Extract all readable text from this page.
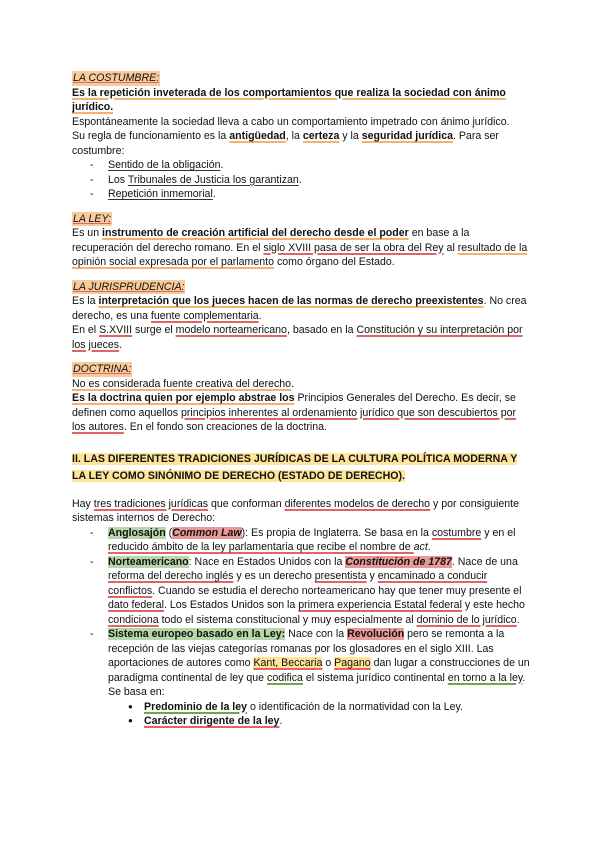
LA COSTUMBRE:
Es la repetición inveterada de los comportamientos que realiza la sociedad con ánimo jurídico.
Espontáneamente la sociedad lleva a cabo un comportamiento impetrado con ánimo jurídico.
Su regla de funcionamiento es la antigüedad, la certeza y la seguridad jurídica. Para ser costumbre:
- Sentido de la obligación.
- Los Tribunales de Justicia los garantizan.
- Repetición inmemorial.
LA LEY:
Es un instrumento de creación artificial del derecho desde el poder en base a la recuperación del derecho romano. En el siglo XVIII pasa de ser la obra del Rey al resultado de la opinión social expresada por el parlamento como órgano del Estado.
LA JURISPRUDENCIA:
Es la interpretación que los jueces hacen de las normas de derecho preexistentes. No crea derecho, es una fuente complementaria.
En el S.XVIII surge el modelo norteamericano, basado en la Constitución y su interpretación por los jueces.
DOCTRINA:
No es considerada fuente creativa del derecho.
Es la doctrina quien por ejemplo abstrae los Principios Generales del Derecho. Es decir, se definen como aquellos principios inherentes al ordenamiento jurídico que son descubiertos por los autores. En el fondo son creaciones de la doctrina.
II. LAS DIFERENTES TRADICIONES JURÍDICAS DE LA CULTURA POLÍTICA MODERNA Y LA LEY COMO SINÓNIMO DE DERECHO (ESTADO DE DERECHO).
Hay tres tradiciones jurídicas que conforman diferentes modelos de derecho y por consiguiente sistemas internos de Derecho:
- Anglosajón (Common Law): Es propia de Inglaterra. Se basa en la costumbre y en el reducido ámbito de la ley parlamentaria que recibe el nombre de act.
- Norteamericano: Nace en Estados Unidos con la Constitución de 1787. Nace de una reforma del derecho inglés y es un derecho presentista y encaminado a conducir conflictos. Cuando se estudia el derecho norteamericano hay que tener muy presente el dato federal. Los Estados Unidos son la primera experiencia Estatal federal y este hecho condiciona todo el sistema constitucional y muy especialmente al dominio de lo jurídico.
- Sistema europeo basado en la Ley: Nace con la Revolución pero se remonta a la recepción de las viejas categorías romanas por los glosadores en el siglo XIII. Las aportaciones de autores como Kant, Beccaria o Pagano dan lugar a construcciones de un paradigma continental de ley que codifica el sistema jurídico continental en torno a la ley. Se basa en:
● Predominio de la ley o identificación de la normatividad con la Ley.
● Carácter dirigente de la ley.
